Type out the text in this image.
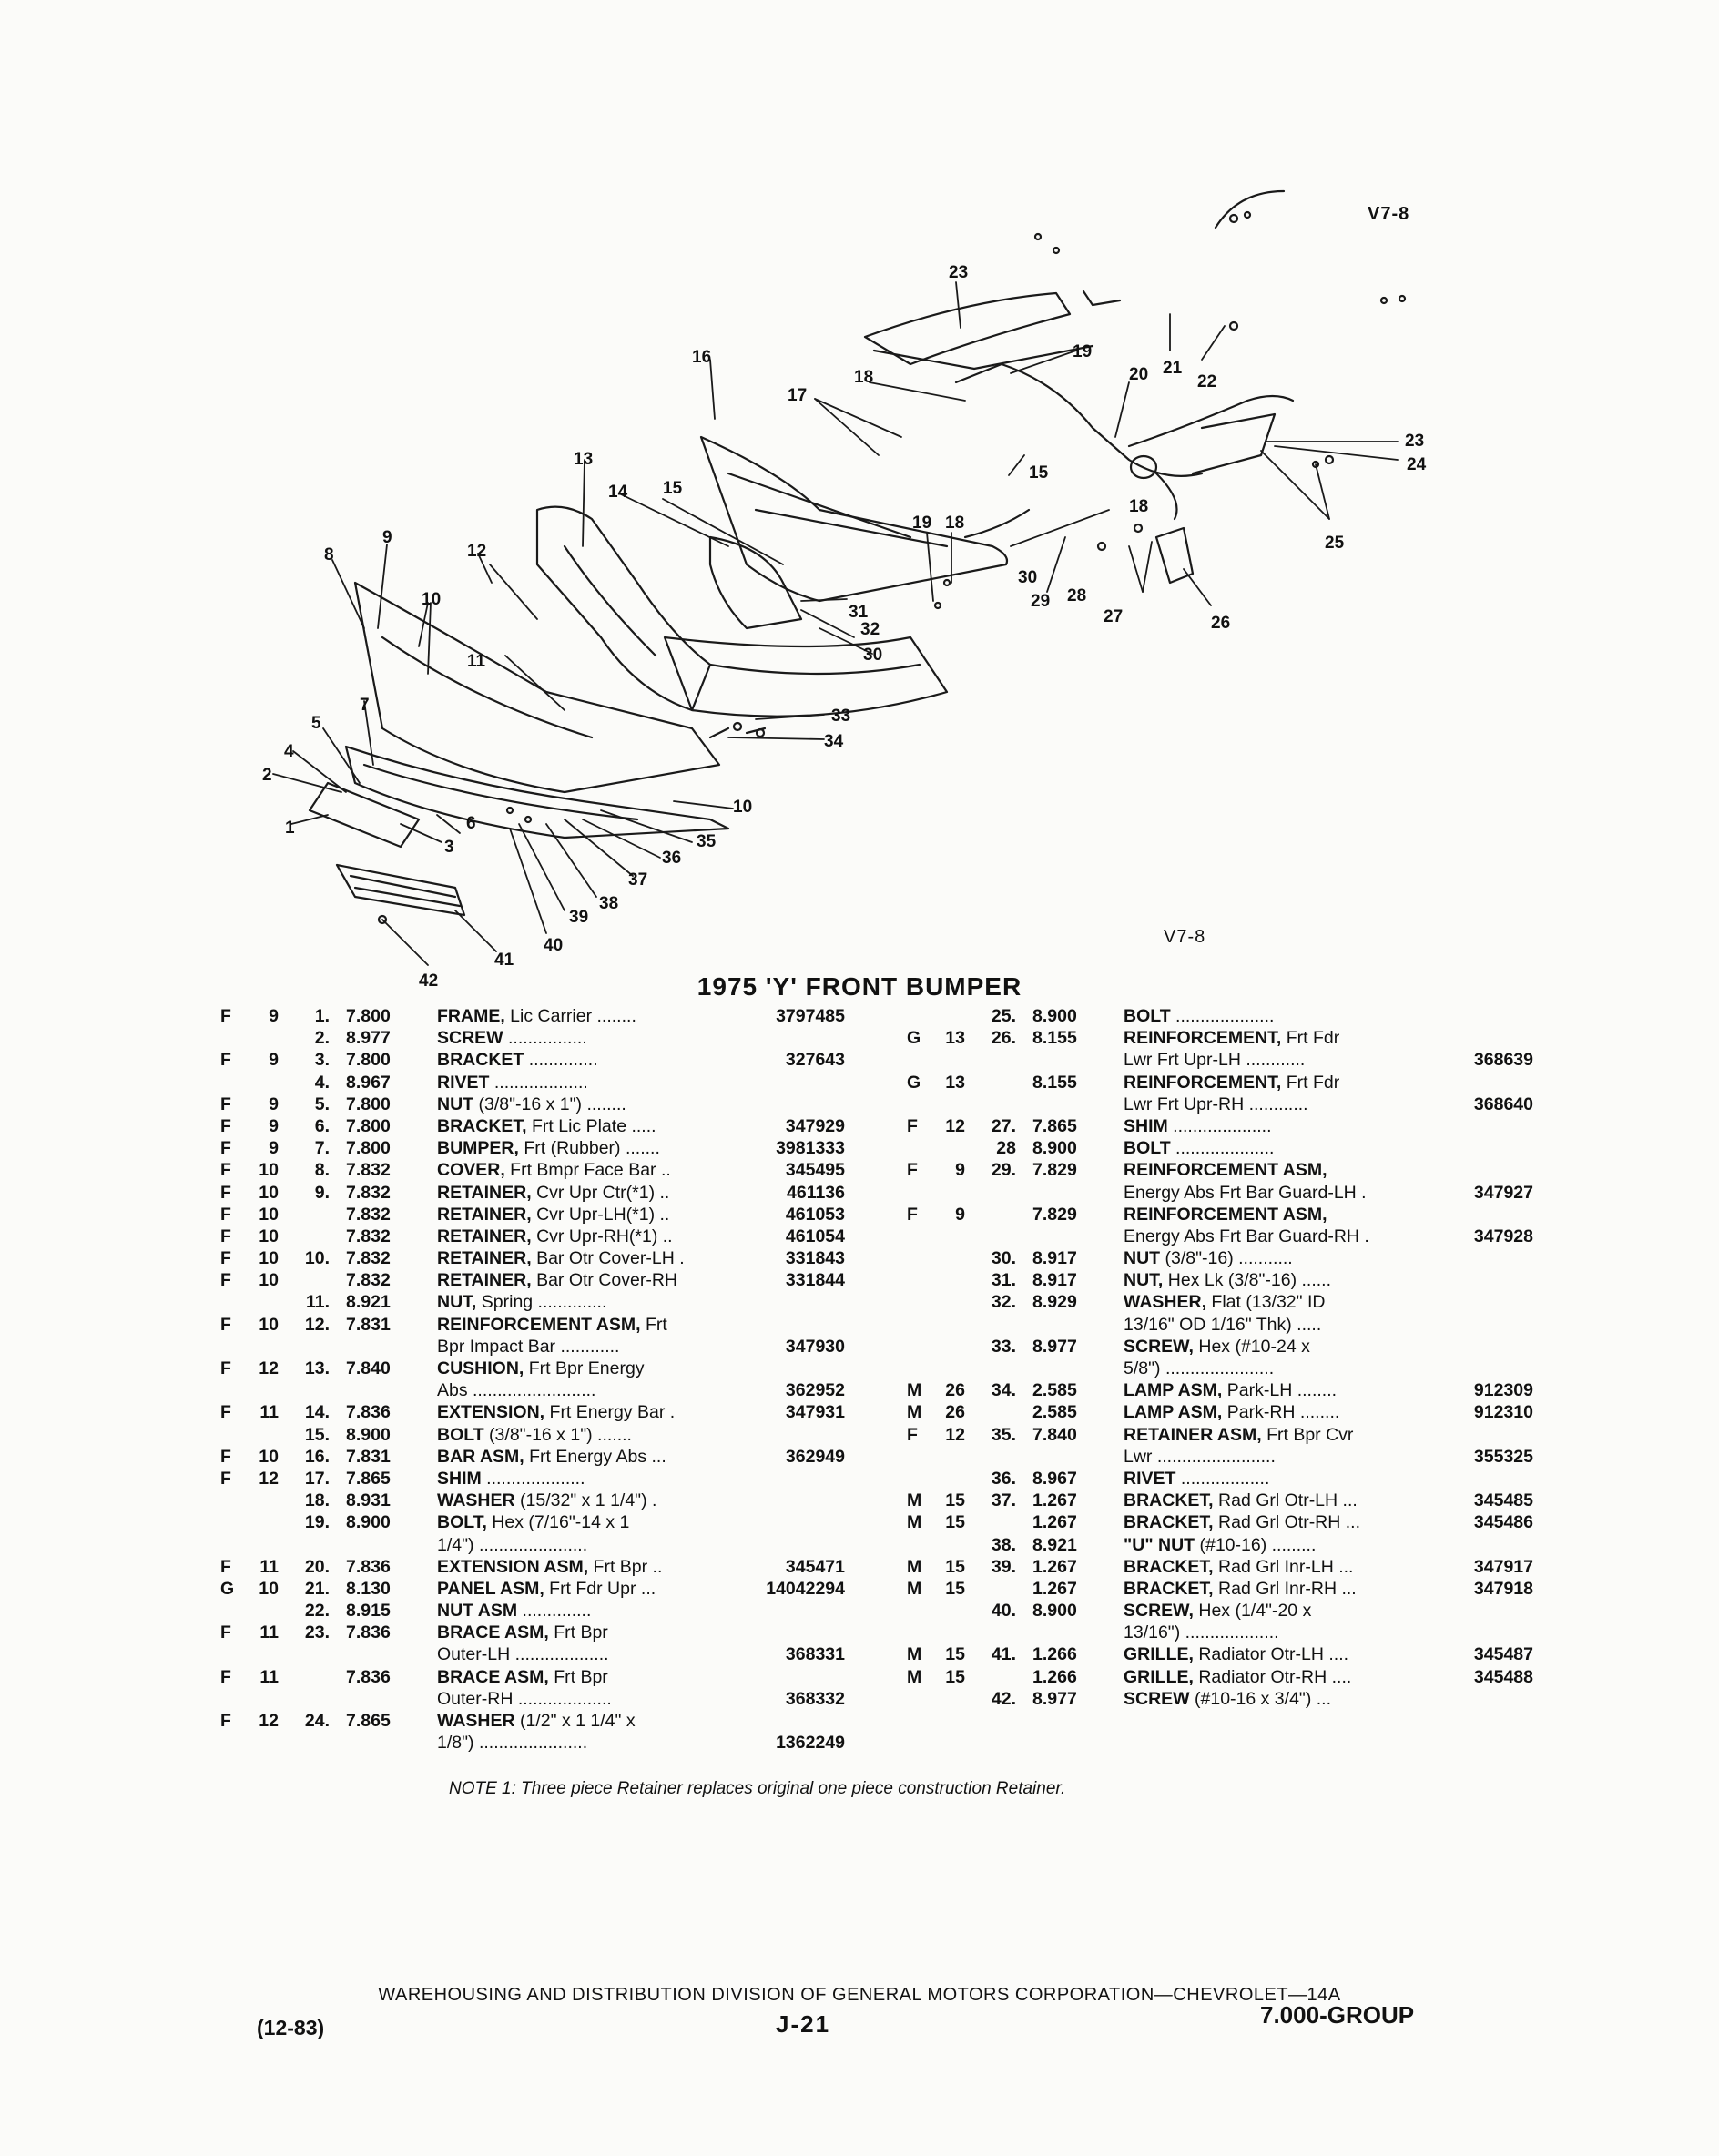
V7-8
V7-8
23
19
18
17
16
20 21
22
23
24
25
26
27
28
29
30
18
15
19 18
13
14 15
31
32
30
33
34
12
9
8
10
11
10
7
5
4
2
1	6
3	35
36
37
38
39
40
41
42	1975 'Y' FRONT BUMPER
F	9	1. 7.800	FRAME, Lic Carrier ........	3797485
2. 8.977	SCREW ................
F	9	3. 7.800	BRACKET ..............	327643
4. 8.967	RIVET ...................
F	9	5. 7.800	NUT (3/8"-16 x 1") ........
F	9	6. 7.800	BRACKET, Frt Lic Plate .....	347929
F	9	7. 7.800	BUMPER, Frt (Rubber) .......	3981333
F	10	8. 7.832	COVER, Frt Bmpr Face Bar ..	345495
F	10	9. 7.832	RETAINER, Cvr Upr Ctr(*1) ..	461136
F	10	7.832	RETAINER, Cvr Upr-LH(*1) ..	461053
F	10	7.832	RETAINER, Cvr Upr-RH(*1) ..	461054
F	10	10. 7.832	RETAINER, Bar Otr Cover-LH .	331843
F	10	7.832	RETAINER, Bar Otr Cover-RH	331844
11. 8.921	NUT, Spring ..............
F	10	12. 7.831	REINFORCEMENT ASM, Frt
Bpr Impact Bar ............	347930
F	12	13. 7.840	CUSHION, Frt Bpr Energy
Abs .........................	362952
F	11	14. 7.836	EXTENSION, Frt Energy Bar .	347931
15. 8.900	BOLT (3/8"-16 x 1") .......
F	10	16. 7.831	BAR ASM, Frt Energy Abs ...	362949
F	12	17. 7.865	SHIM ....................
18. 8.931	WASHER (15/32" x 1 1/4") .
19. 8.900	BOLT, Hex (7/16"-14 x 1
1/4") ......................
F	11	20. 7.836	EXTENSION ASM, Frt Bpr ..	345471
G	10	21. 8.130	PANEL ASM, Frt Fdr Upr ...	14042294
22. 8.915	NUT ASM ..............
F	11	23. 7.836	BRACE ASM, Frt Bpr
Outer-LH ...................	368331
F	11	7.836	BRACE ASM, Frt Bpr
Outer-RH ...................	368332
F	12	24. 7.865	WASHER (1/2" x 1 1/4" x
1/8") ......................	1362249
25. 8.900	BOLT ....................
G	13	26. 8.155	REINFORCEMENT, Frt Fdr
Lwr Frt Upr-LH ............	368639
G	13	8.155	REINFORCEMENT, Frt Fdr
Lwr Frt Upr-RH ............	368640
F	12	27. 7.865	SHIM ....................
28 8.900	BOLT ....................
F	9	29. 7.829	REINFORCEMENT ASM,
Energy Abs Frt Bar Guard-LH .	347927
F	9	7.829	REINFORCEMENT ASM,
Energy Abs Frt Bar Guard-RH .	347928
30. 8.917	NUT (3/8"-16) ...........
31. 8.917	NUT, Hex Lk (3/8"-16) ......
32. 8.929	WASHER, Flat (13/32" ID
13/16" OD 1/16" Thk) .....
33. 8.977	SCREW, Hex (#10-24 x
5/8") ......................
M	26	34. 2.585	LAMP ASM, Park-LH ........	912309
M	26	2.585	LAMP ASM, Park-RH ........	912310
F	12	35. 7.840	RETAINER ASM, Frt Bpr Cvr
Lwr ........................	355325
36. 8.967	RIVET ..................
M	15	37. 1.267	BRACKET, Rad Grl Otr-LH ...	345485
M	15	1.267	BRACKET, Rad Grl Otr-RH ...	345486
38. 8.921	"U" NUT (#10-16) .........
M	15	39. 1.267	BRACKET, Rad Grl Inr-LH ...	347917
M	15	1.267	BRACKET, Rad Grl Inr-RH ...	347918
40. 8.900	SCREW, Hex (1/4"-20 x
13/16") ...................
M	15	41. 1.266	GRILLE, Radiator Otr-LH ....	345487
M	15	1.266	GRILLE, Radiator Otr-RH ....	345488
42. 8.977	SCREW (#10-16 x 3/4") ...
NOTE 1: Three piece Retainer replaces original one piece construction Retainer.
WAREHOUSING AND DISTRIBUTION DIVISION OF GENERAL MOTORS CORPORATION—CHEVROLET—14A
(12-83)	J-21	7.000-GROUP
